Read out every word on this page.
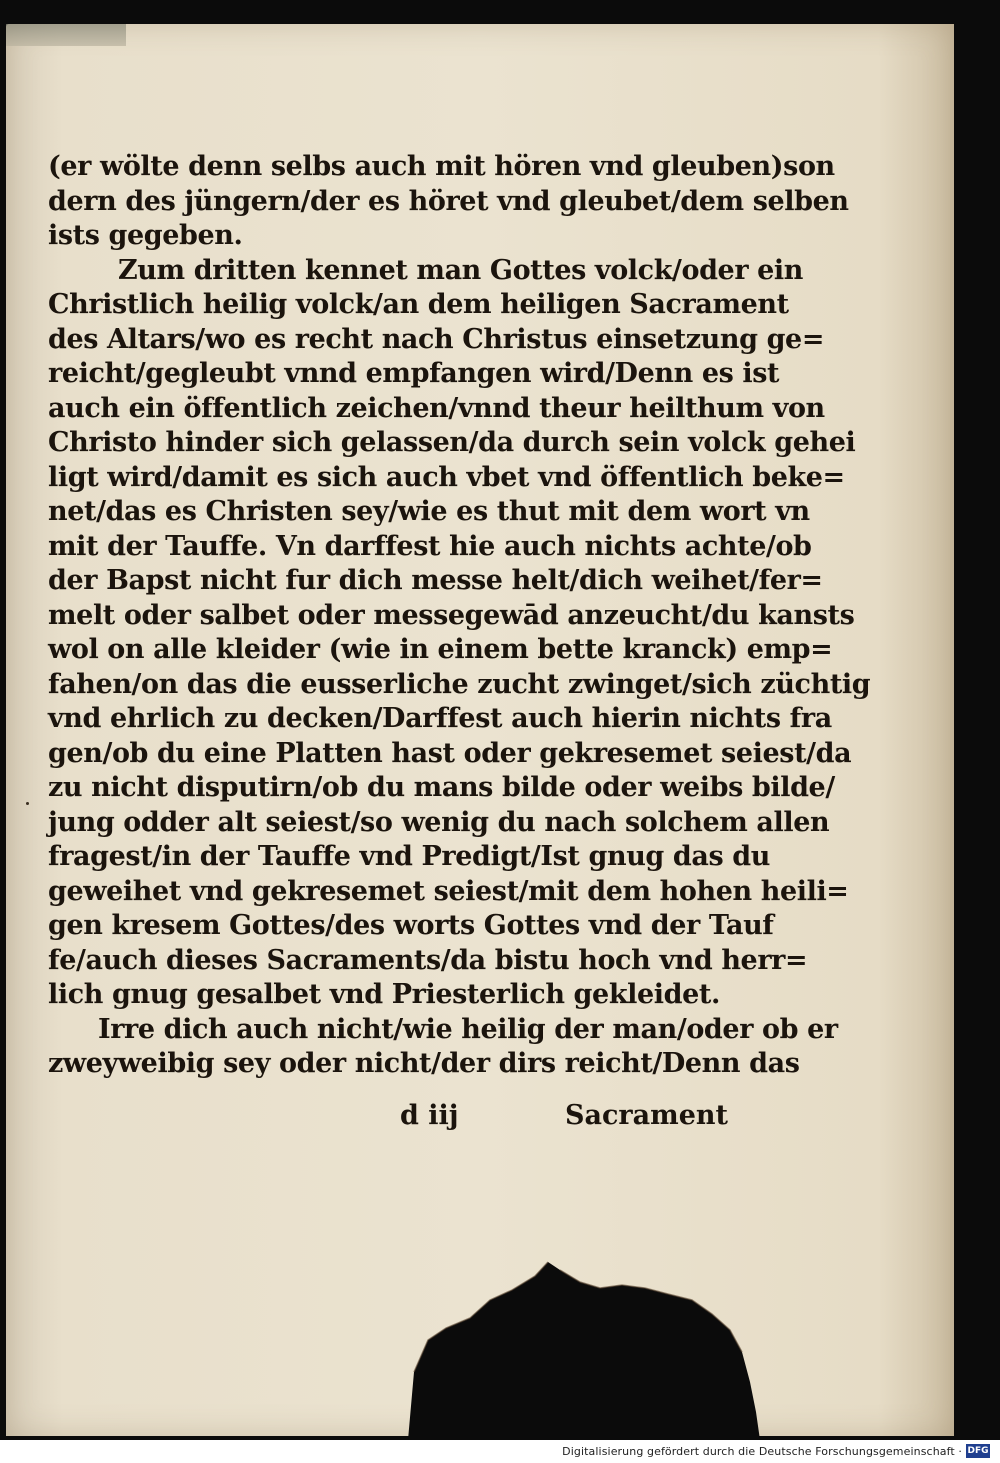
(er wölte denn selbs auch mit hören vnd gleuben)son
dern des jüngern/der es höret vnd gleubet/dem selben
ists gegeben.
Zum dritten kennet man Gottes volck/oder ein
Christlich heilig volck/an dem heiligen Sacrament
des Altars/wo es recht nach Christus einsetzung ge=
reicht/gegleubt vnnd empfangen wird/Denn es ist
auch ein öffentlich zeichen/vnnd theur heilthum von
Christo hinder sich gelassen/da durch sein volck gehei
ligt wird/damit es sich auch vbet vnd öffentlich beke=
net/das es Christen sey/wie es thut mit dem wort vn
mit der Tauffe. Vn darffest hie auch nichts achte/ob
der Bapst nicht fur dich messe helt/dich weihet/fer=
melt oder salbet oder messegewād anzeucht/du kansts
wol on alle kleider (wie in einem bette kranck) emp=
fahen/on das die eusserliche zucht zwinget/sich züchtig
vnd ehrlich zu decken/Darffest auch hierin nichts fra
gen/ob du eine Platten hast oder gekresemet seiest/da
zu nicht disputirn/ob du mans bilde oder weibs bilde/
jung odder alt seiest/so wenig du nach solchem allen
fragest/in der Tauffe vnd Predigt/Ist gnug das du
geweihet vnd gekresemet seiest/mit dem hohen heili=
gen kresem Gottes/des worts Gottes vnd der Tauf
fe/auch dieses Sacraments/da bistu hoch vnd herr=
lich gnug gesalbet vnd Priesterlich gekleidet.
Irre dich auch nicht/wie heilig der man/oder ob er
zweyweibig sey oder nicht/der dirs reicht/Denn das
d iij	Sacrament
Digitalisierung gefördert durch die Deutsche Forschungsgemeinschaft · DFG
